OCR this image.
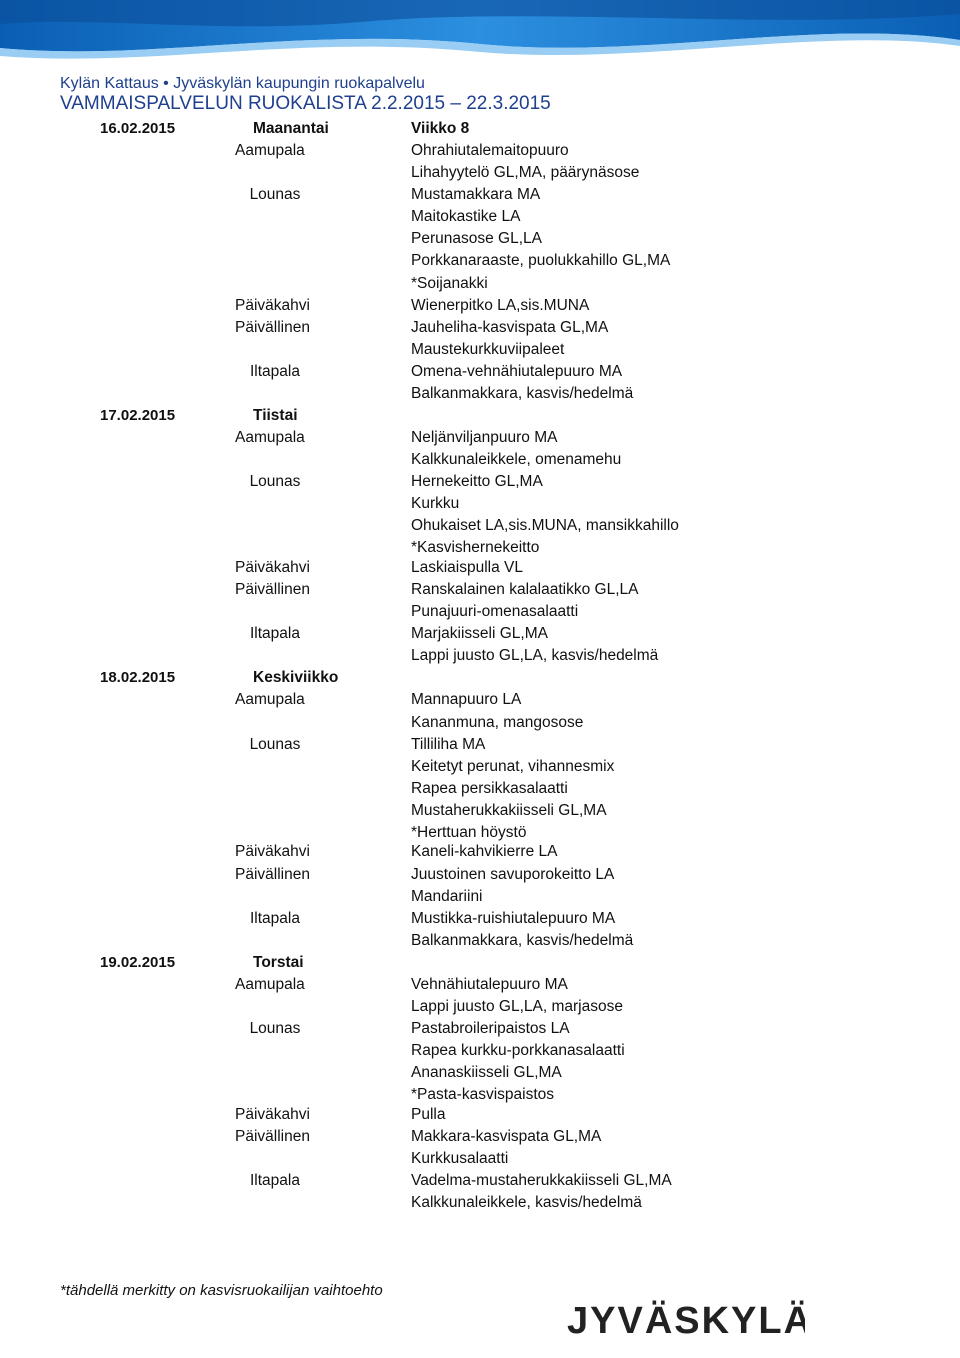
Kylän Kattaus • Jyväskylän kaupungin ruokapalvelu
VAMMAISPALVELUN RUOKALISTA 2.2.2015 – 22.3.2015
16.02.2015	Maanantai	Viikko 8
Aamupala	Ohrahiutalemaitopuuro
Lihahyytelö GL,MA, päärynäsose
Lounas	Mustamakkara MA
Maitokastike LA
Perunasose GL,LA
Porkkanaraaste, puolukkahillo GL,MA
*Soijanakki
Päiväkahvi	Wienerpitko LA,sis.MUNA
Päivällinen	Jauheliha-kasvispata GL,MA
Maustekurkkuviipaleet
Iltapala	Omena-vehnähiutalepuuro MA
Balkanmakkara, kasvis/hedelmä
17.02.2015	Tiistai
Aamupala	Neljänviljanpuuro MA
Kalkkunaleikkele, omenamehu
Lounas	Hernekeitto GL,MA
Kurkku
Ohukaiset LA,sis.MUNA, mansikkahillo
*Kasvishernekeitto
Päiväkahvi	Laskiaispulla VL
Päivällinen	Ranskalainen kalalaatikko GL,LA
Punajuuri-omenasalaatti
Iltapala	Marjakiisseli GL,MA
Lappi juusto GL,LA, kasvis/hedelmä
18.02.2015	Keskiviikko
Aamupala	Mannapuuro LA
Kananmuna, mangosose
Lounas	Tilliliha MA
Keitetyt perunat, vihannesmix
Rapea persikkasalaatti
Mustaherukkakiisseli GL,MA
*Herttuan höystö
Päiväkahvi	Kaneli-kahvikierre LA
Päivällinen	Juustoinen savuporokeitto LA
Mandariini
Iltapala	Mustikka-ruishiutalepuuro MA
Balkanmakkara, kasvis/hedelmä
19.02.2015	Torstai
Aamupala	Vehnähiutalepuuro MA
Lappi juusto GL,LA, marjasose
Lounas	Pastabroileripaistos LA
Rapea kurkku-porkkanasalaatti
Ananaskiisseli GL,MA
*Pasta-kasvispaistos
Päiväkahvi	Pulla
Päivällinen	Makkara-kasvispata GL,MA
Kurkkusalaatti
Iltapala	Vadelma-mustaherukkakiisseli GL,MA
Kalkkunaleikkele, kasvis/hedelmä
*tähdellä merkitty on kasvisruokailijan vaihtoehto
JYVÄSKYLÄ
